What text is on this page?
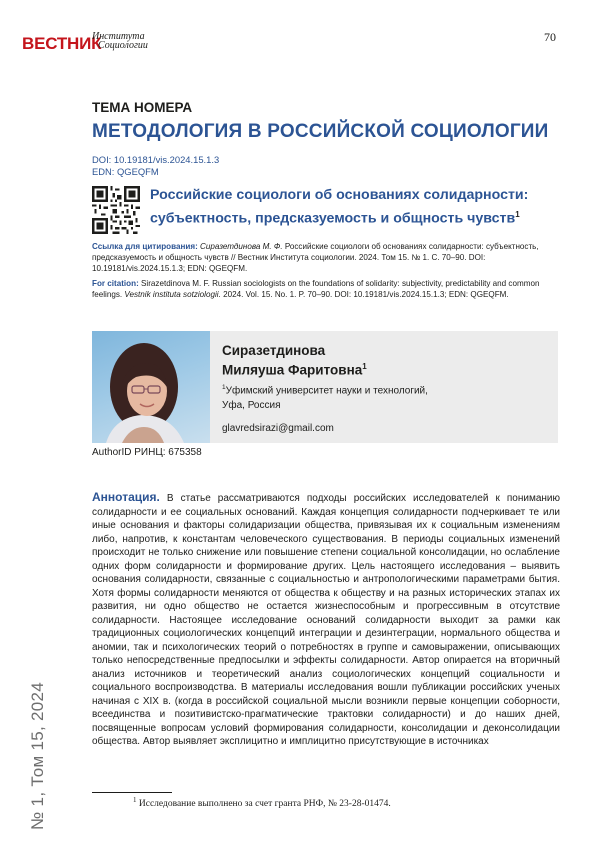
ВЕСТНИК
Института
Социологии
70
ТЕМА НОМЕРА
МЕТОДОЛОГИЯ В РОССИЙСКОЙ СОЦИОЛОГИИ
DOI: 10.19181/vis.2024.15.1.3
EDN: QGEQFM
Российские социологи об основаниях солидарности:
субъектность, предсказуемость и общность чувств$^1$

Ссылка для цитирования: Сиразетдинова М. Ф. Российские социологи об основаниях солидарности: субъектность, предсказуемость и общность чувств // Вестник Института социологии. 2024. Том 15. № 1. С. 70–90. DOI: 10.19181/vis.2024.15.1.3; EDN: QGEQFM.

For citation: Sirazetdinova M. F. Russian sociologists on the foundations of solidarity: subjectivity, predictability and common feelings. Vestnik instituta sotziologii. 2024. Vol. 15. No. 1. P. 70–90. DOI: 10.19181/vis.2024.15.1.3; EDN: QGEQFM.

Сиразетдинова
Миляуша Фаритовна$^1$
$^1$Уфимский университет науки и технологий,
Уфа, Россия
glavredsirazi@gmail.com
AuthorID РИНЦ: 675358
Аннотация. В статье рассматриваются подходы российских исследователей к пониманию солидарности и ее социальных оснований. Каждая концепция солидарности подчеркивает те или иные основания и факторы солидаризации общества, привязывая их к социальным изменениям либо, напротив, к константам человеческого существования. В периоды социальных изменений происходит не только снижение или повышение степени социальной консолидации, но ослабление одних форм солидарности и формирование других. Цель настоящего исследования – выявить основания солидарности, связанные с социальностью и антропологическими параметрами бытия. Хотя формы солидарности меняются от общества к обществу и на разных исторических этапах их развития, ни одно общество не остается жизнеспособным и прогрессивным в отсутствие солидарности. Настоящее исследование оснований солидарности выходит за рамки как традиционных социологических концепций интеграции и дезинтеграции, нормального общества и аномии, так и психологических теорий о потребностях в группе и самовыражении, описывающих только непосредственные предпосылки и эффекты солидарности. Автор опирается на вторичный анализ источников и теоретический анализ социологических концепций социальности и социального воспроизводства. В материалы исследования вошли публикации российских ученых начиная с XIX в. (когда в российской социальной мысли возникли первые концепции соборности, всеединства и позитивистско-прагматические трактовки солидарности) и до наших дней, посвященные вопросам условий формирования солидарности, консолидации и деконсолидации общества. Автор выявляет эксплицитно и имплицитно присутствующие в источниках
№ 1, Том 15, 2024	$^1$ Исследование выполнено за счет гранта РНФ, № 23-28-01474.
